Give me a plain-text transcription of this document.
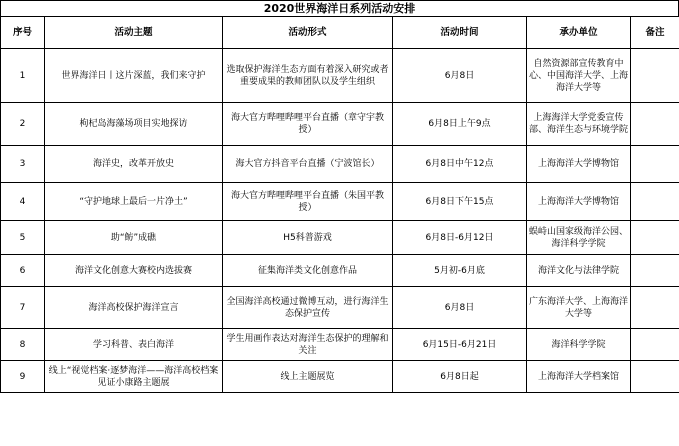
2020世界海洋日系列活动安排
序号	活动主题	活动形式	活动时间	承办单位	备注
1	世界海洋日丨这片深蓝，我们来守护	选取保护海洋生态方面有着深入研究或者重要成果的教师团队以及学生组织	6月8日	自然资源部宣传教育中心、中国海洋大学、上海海洋大学等	
2	枸杞岛海藻场项目实地探访	海大官方哔哩哔哩平台直播（章守宇教授）	6月8日上午9点	上海海洋大学党委宣传部、海洋生态与环境学院	
3	海洋史，改革开放史	海大官方抖音平台直播（宁波馆长）	6月8日中午12点	上海海洋大学博物馆	
4	“守护地球上最后一片净土”	海大官方哔哩哔哩平台直播（朱国平教授）	6月8日下午15点	上海海洋大学博物馆	
5	助“鲂”成礁	H5科普游戏	6月8日-6月12日	蜈峙山国家级海洋公园、海洋科学学院	
6	海洋文化创意大赛校内选拔赛	征集海洋类文化创意作品	5月初-6月底	海洋文化与法律学院	
7	海洋高校保护海洋宣言	全国海洋高校通过微博互动，进行海洋生态保护宣传	6月8日	广东海洋大学、上海海洋大学等	
8	学习科普、表白海洋	学生用画作表达对海洋生态保护的理解和关注	6月15日-6月21日	海洋科学学院	
9	线上“视觉档案·逐梦海洋——海洋高校档案见证小康路主题展	线上主题展览	6月8日起	上海海洋大学档案馆	
